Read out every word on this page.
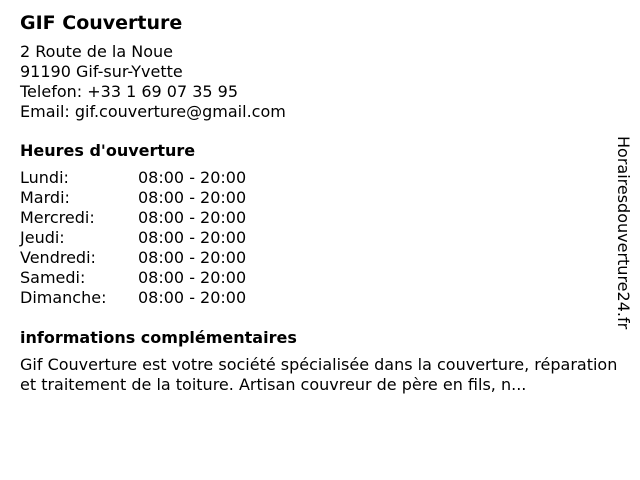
GIF Couverture
2 Route de la Noue
91190 Gif-sur-Yvette
Telefon: +33 1 69 07 35 95
Email: gif.couverture@gmail.com
Heures d'ouverture
Lundi:	08:00 - 20:00
Mardi:	08:00 - 20:00
Mercredi:	08:00 - 20:00
Jeudi:	08:00 - 20:00
Vendredi:	08:00 - 20:00
Samedi:	08:00 - 20:00
Dimanche:	08:00 - 20:00
informations complémentaires

Gif Couverture est votre société spécialisée dans la couverture, réparation et traitement de la toiture. Artisan couvreur de père en fils, n...

Horairesdouverture24.fr
